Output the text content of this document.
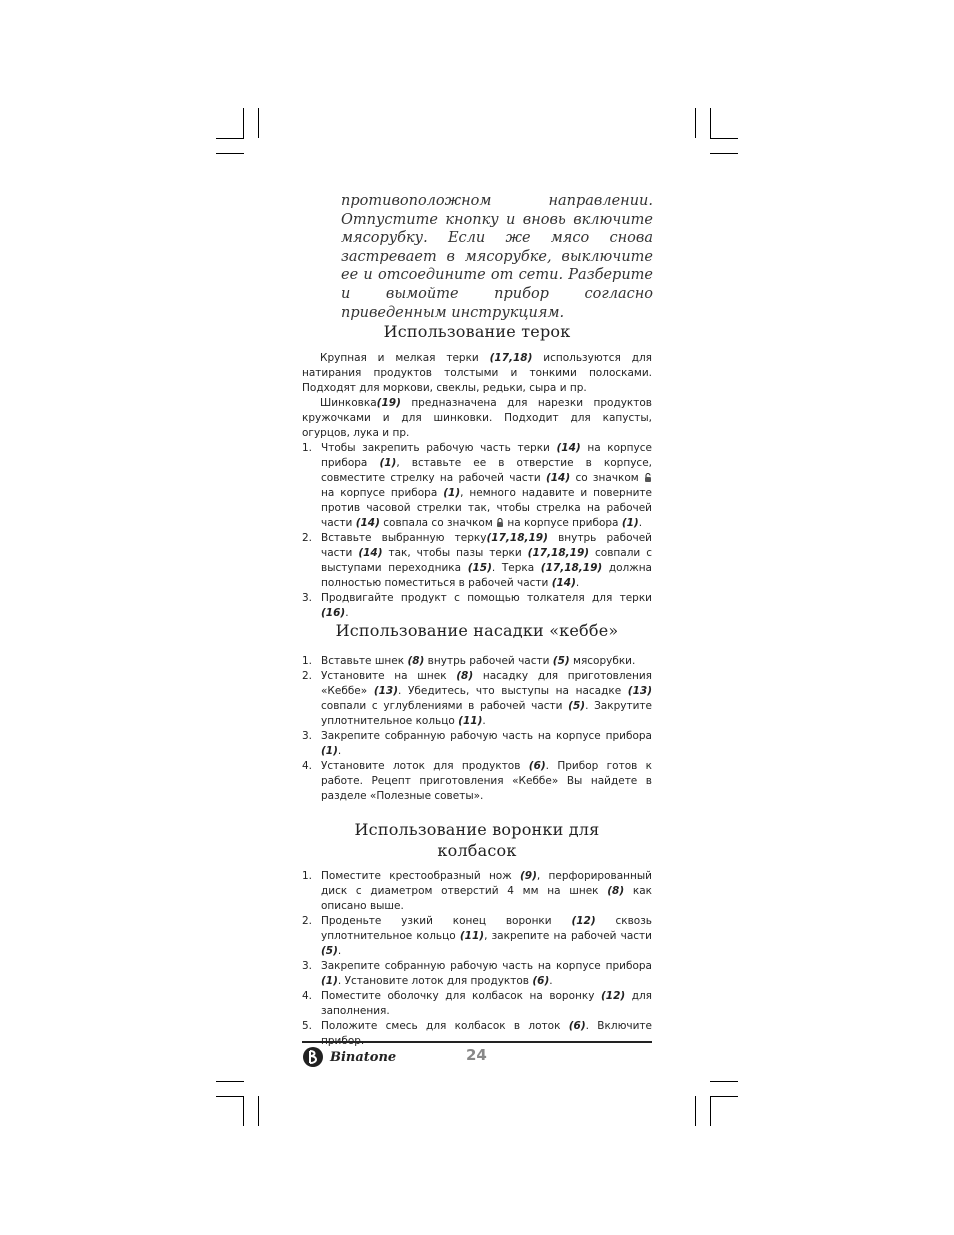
противоположном направлении. Отпустите кнопку и вновь включите мясорубку. Если же мясо снова застревает в мясорубке, выключите ее и отсоедините от сети. Разберите и вымойте прибор согласно приведенным инструкциям.
Использование терок

Крупная и мелкая терки (17,18) используются для натирания продуктов толстыми и тонкими полосками. Подходят для моркови, свеклы, редьки, сыра и пр.

Шинковка(19) предназначена для нарезки продуктов кружочками и для шинковки. Подходит для капусты, огурцов, лука и пр.

1. Чтобы закрепить рабочую часть терки (14) на корпусе прибора (1), вставьте ее в отверстие в корпусе, совместите стрелку на рабочей части (14) со значком  на корпусе прибора (1), немного надавите и поверните против часовой стрелки так, чтобы стрелка на рабочей части (14) совпала со значком  на корпусе прибора (1).
2. Вставьте выбранную терку(17,18,19) внутрь рабочей части (14) так, чтобы пазы терки (17,18,19) совпали с выступами переходника (15). Терка (17,18,19) должна полностью поместиться в рабочей части (14).
3. Продвигайте продукт с помощью толкателя для терки (16).
Использование насадки «кеббе»
1. Вставьте шнек (8) внутрь рабочей части (5) мясорубки.
2. Установите на шнек (8) насадку для приготовления «Кеббе» (13). Убедитесь, что выступы на насадке (13) совпали с углублениями в рабочей части (5). Закрутите уплотнительное кольцо (11).
3. Закрепите собранную рабочую часть на корпусе прибора (1).
4. Установите лоток для продуктов (6). Прибор готов к работе. Рецепт приготовления «Кеббе» Вы найдете в разделе «Полезные советы».
Использование воронки для
колбасок
1. Поместите крестообразный нож (9), перфорированный диск с диаметром отверстий 4 мм на шнек (8) как описано выше.
2. Проденьте узкий конец воронки (12) сквозь уплотнительное кольцо (11), закрепите на рабочей части (5).
3. Закрепите собранную рабочую часть на корпусе прибора (1). Установите лоток для продуктов (6).
4. Поместите оболочку для колбасок на воронку (12) для заполнения.
5. Положите смесь для колбасок в лоток (6). Включите
Binatone	24
